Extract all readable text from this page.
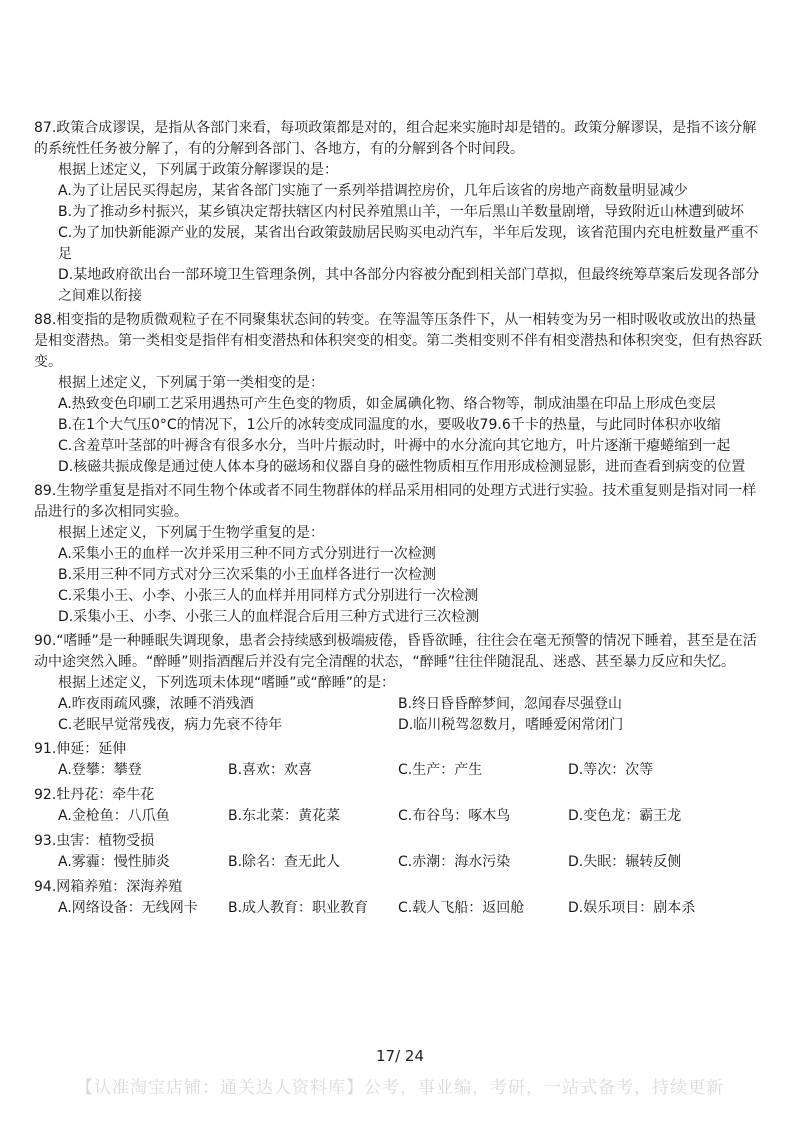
87.政策合成谬误，是指从各部门来看，每项政策都是对的，组合起来实施时却是错的。政策分解谬误，是指不该分解的系统性任务被分解了，有的分解到各部门、各地方，有的分解到各个时间段。

根据上述定义，下列属于政策分解谬误的是：

A.为了让居民买得起房，某省各部门实施了一系列举措调控房价，几年后该省的房地产商数量明显减少

B.为了推动乡村振兴，某乡镇决定帮扶辖区内村民养殖黑山羊，一年后黑山羊数量剧增，导致附近山林遭到破坏

C.为了加快新能源产业的发展，某省出台政策鼓励居民购买电动汽车，半年后发现，该省范围内充电桩数量严重不足

D.某地政府欲出台一部环境卫生管理条例，其中各部分内容被分配到相关部门草拟，但最终统筹草案后发现各部分之间难以衔接

88.相变指的是物质微观粒子在不同聚集状态间的转变。在等温等压条件下，从一相转变为另一相时吸收或放出的热量是相变潜热。第一类相变是指伴有相变潜热和体积突变的相变。第二类相变则不伴有相变潜热和体积突变，但有热容跃变。

根据上述定义，下列属于第一类相变的是：

A.热致变色印刷工艺采用遇热可产生色变的物质，如金属碘化物、络合物等，制成油墨在印品上形成色变层

B.在1个大气压0°C的情况下，1公斤的冰转变成同温度的水，要吸收79.6千卡的热量，与此同时体积亦收缩

C.含羞草叶茎部的叶褥含有很多水分，当叶片振动时，叶褥中的水分流向其它地方，叶片逐渐干瘪蜷缩到一起

D.核磁共振成像是通过使人体本身的磁场和仪器自身的磁性物质相互作用形成检测显影，进而查看到病变的位置

89.生物学重复是指对不同生物个体或者不同生物群体的样品采用相同的处理方式进行实验。技术重复则是指对同一样品进行的多次相同实验。

根据上述定义，下列属于生物学重复的是：

A.采集小王的血样一次并采用三种不同方式分别进行一次检测

B.采用三种不同方式对分三次采集的小王血样各进行一次检测

C.采集小王、小李、小张三人的血样并用同样方式分别进行一次检测

D.采集小王、小李、小张三人的血样混合后用三种方式进行三次检测

90.“嗜睡”是一种睡眠失调现象，患者会持续感到极端疲倦，昏昏欲睡，往往会在毫无预警的情况下睡着，甚至是在活动中途突然入睡。“醉睡”则指酒醒后并没有完全清醒的状态，“醉睡”往往伴随混乱、迷惑、甚至暴力反应和失忆。

根据上述定义，下列选项未体现“嗜睡”或“醉睡”的是：

A.昨夜雨疏风骤，浓睡不消残酒	B.终日昏昏醉梦间，忽闻春尽强登山
C.老眠早觉常残夜，病力先衰不待年	D.临川税驾忽数月，嗜睡爱闲常闭门

91.伸延：延伸

A.登攀：攀登	B.喜欢：欢喜	C.生产：产生	D.等次：次等

92.牡丹花：牵牛花

A.金枪鱼：八爪鱼	B.东北菜：黄花菜	C.布谷鸟：啄木鸟	D.变色龙：霸王龙

93.虫害：植物受损

A.雾霾：慢性肺炎	B.除名：查无此人	C.赤潮：海水污染	D.失眠：辗转反侧

94.网箱养殖：深海养殖

A.网络设备：无线网卡	B.成人教育：职业教育	C.载人飞船：返回舱	D.娱乐项目：剧本杀
17/ 24
【认准淘宝店铺：通关达人资料库】公考，事业编，考研，一站式备考，持续更新
